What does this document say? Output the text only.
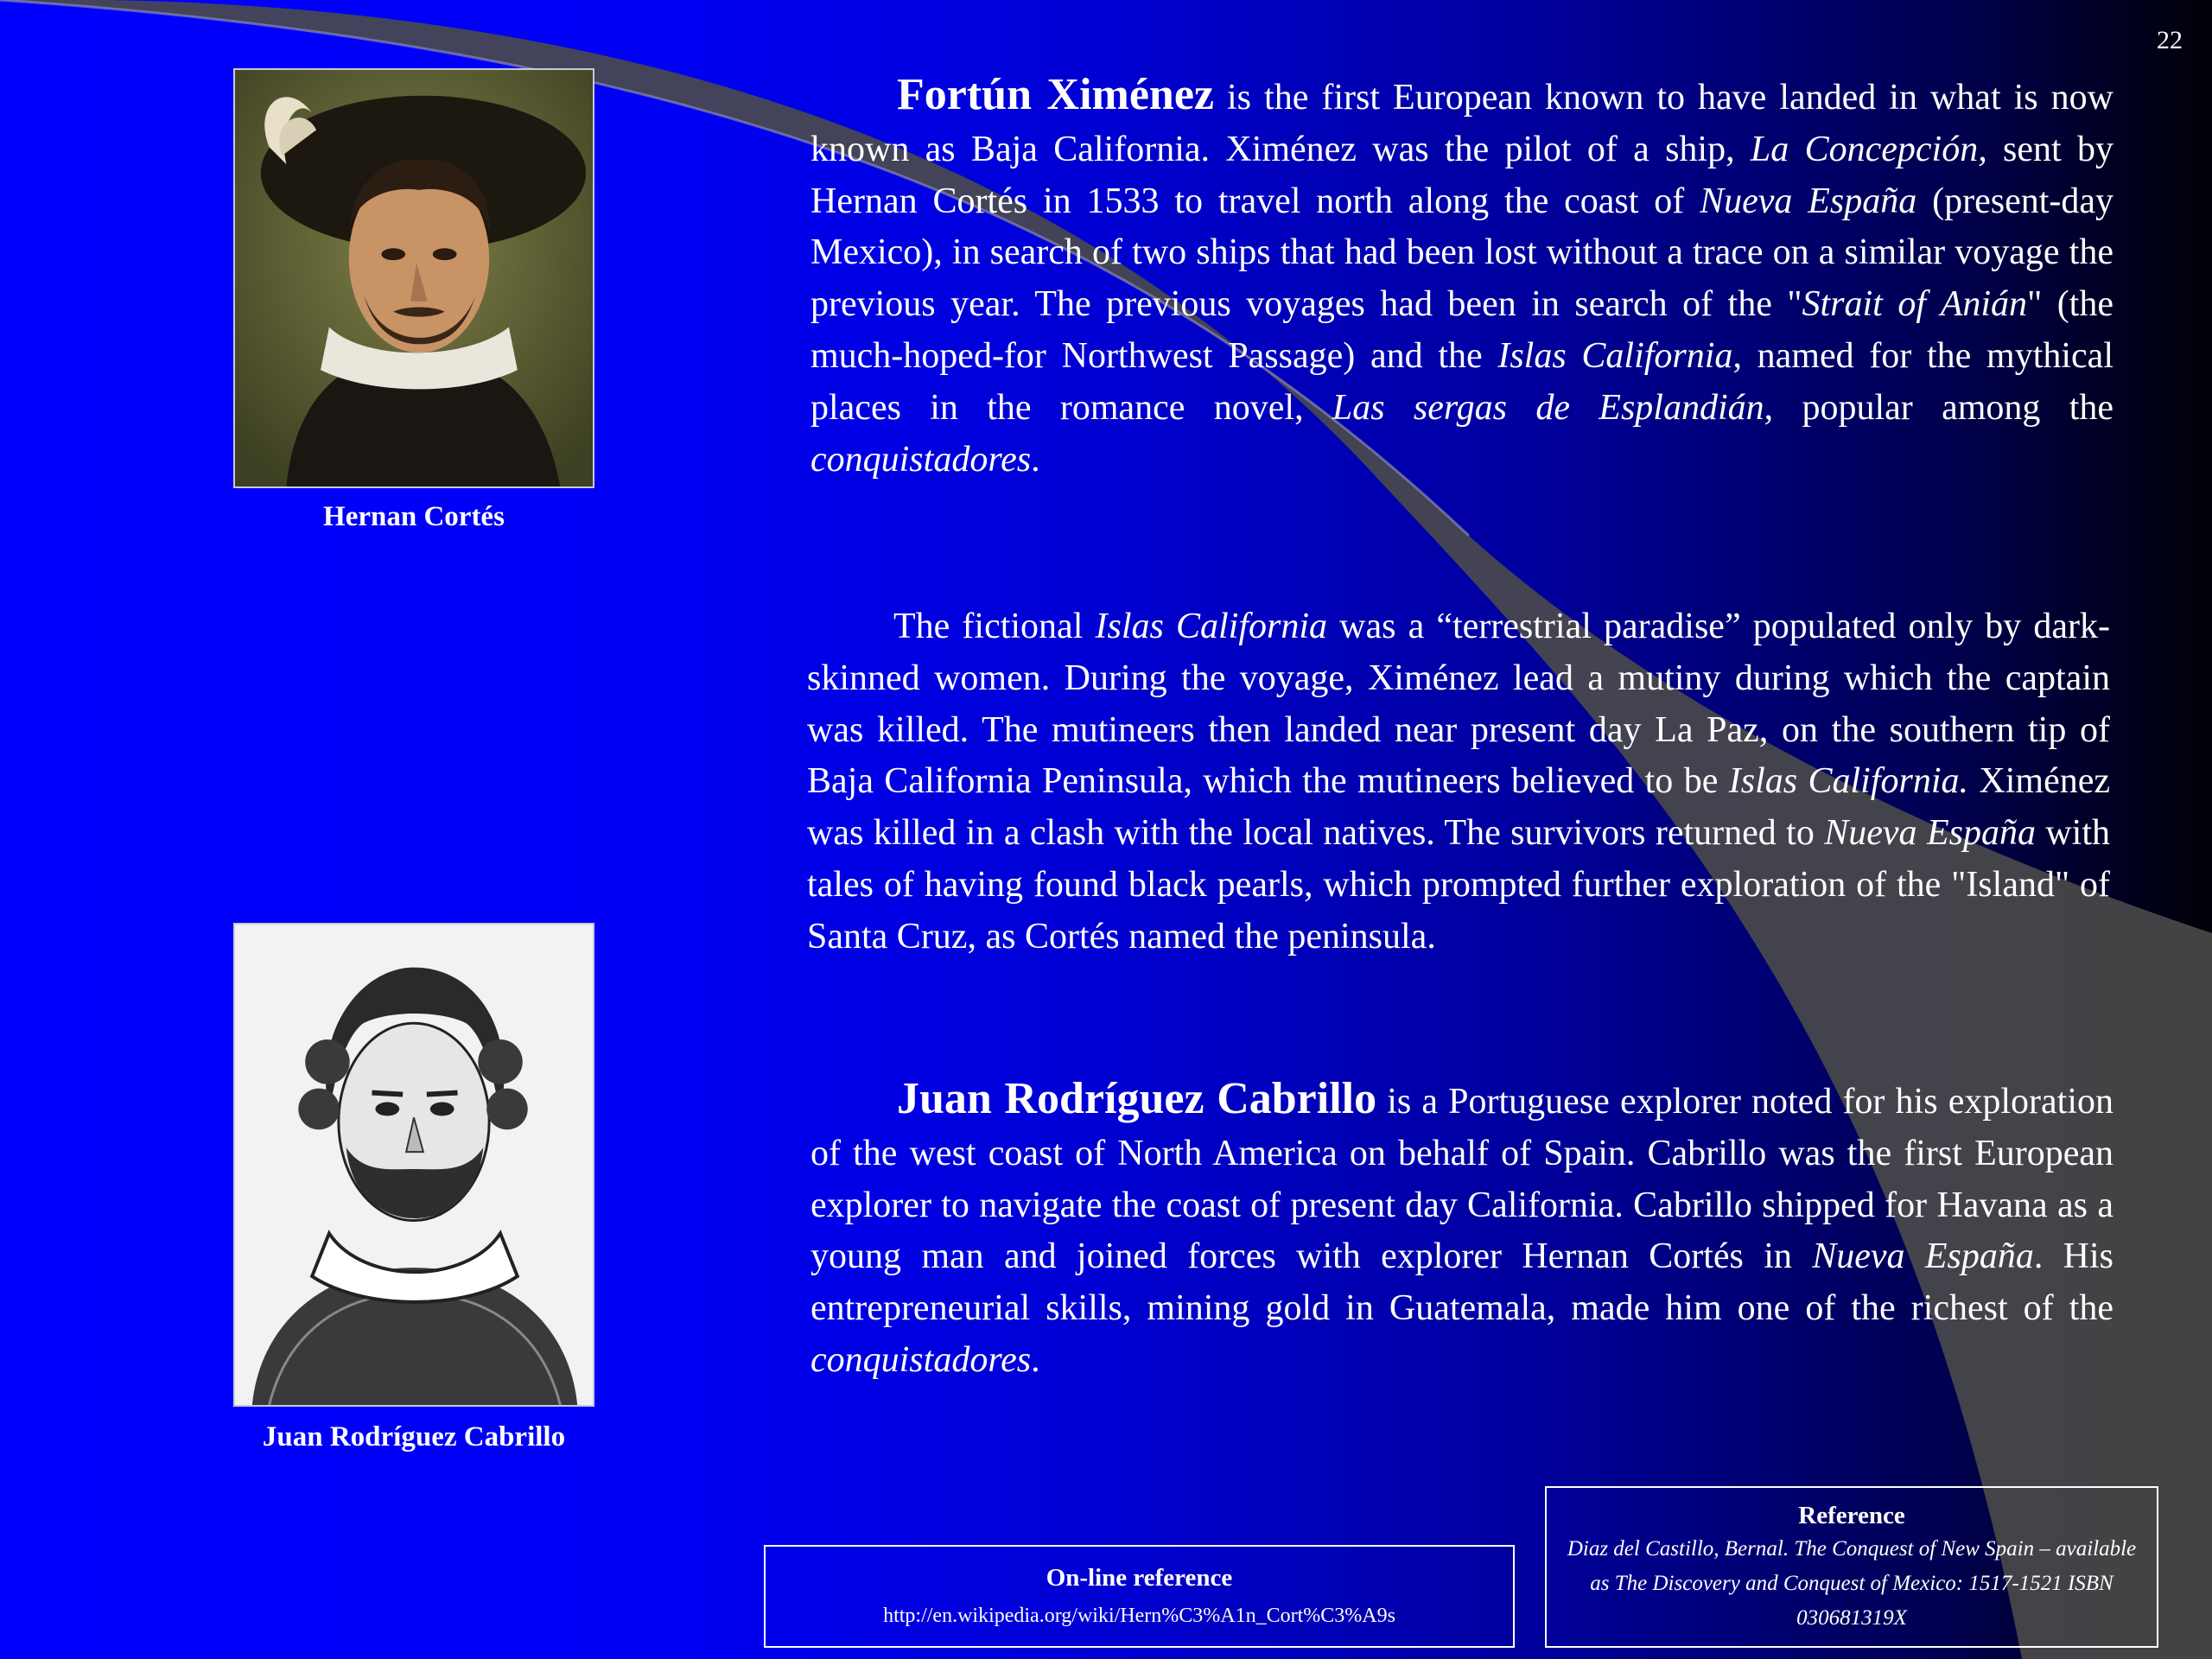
22
Hernan Cortés
Juan Rodríguez Cabrillo

Fortún Ximénez is the first European known to have landed in what is now known as Baja California. Ximénez was the pilot of a ship, La Concepción, sent by Hernan Cortés in 1533 to travel north along the coast of Nueva España (present-day Mexico), in search of two ships that had been lost without a trace on a similar voyage the previous year. The previous voyages had been in search of the "Strait of Anián" (the much-hoped-for Northwest Passage) and the Islas California, named for the mythical places in the romance novel, Las sergas de Esplandián, popular among the conquistadores.

The fictional Islas California was a “terrestrial paradise” populated only by dark-skinned women. During the voyage, Ximénez lead a mutiny during which the captain was killed. The mutineers then landed near present day La Paz, on the southern tip of Baja California Peninsula, which the mutineers believed to be Islas California. Ximénez was killed in a clash with the local natives. The survivors returned to Nueva España with tales of having found black pearls, which prompted further exploration of the "Island" of Santa Cruz, as Cortés named the peninsula.

Juan Rodríguez Cabrillo is a Portuguese explorer noted for his exploration of the west coast of North America on behalf of Spain. Cabrillo was the first European explorer to navigate the coast of present day California. Cabrillo shipped for Havana as a young man and joined forces with explorer Hernan Cortés in Nueva España. His entrepreneurial skills, mining gold in Guatemala, made him one of the richest of the conquistadores.

On-line reference
http://en.wikipedia.org/wiki/Hern%C3%A1n_Cort%C3%A9s
Reference
Diaz del Castillo, Bernal. The Conquest of New Spain – available as The Discovery and Conquest of Mexico: 1517-1521 ISBN 030681319X
